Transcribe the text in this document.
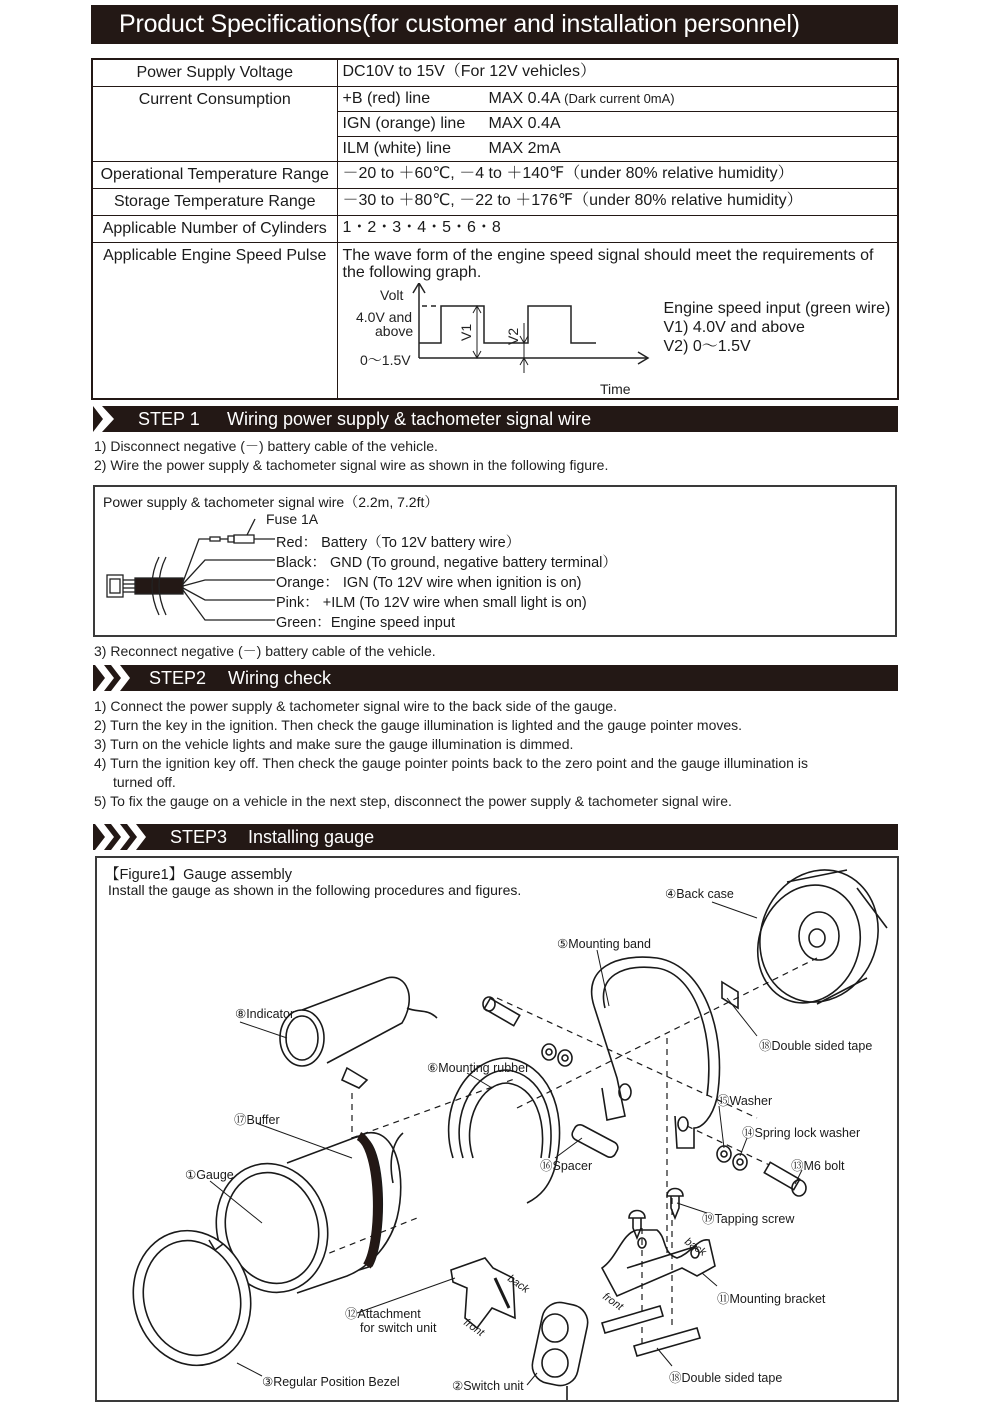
Product Specifications(for customer and installation personnel)
Power Supply Voltage	DC10V to 15V（For 12V vehicles）
Current Consumption	+B (red) line MAX 0.4A (Dark current 0mA)
	IGN (orange) line MAX 0.4A
	ILM (white) line MAX 2mA
Operational Temperature Range	－20 to ＋60℃, －4 to ＋140℉（under 80% relative humidity）
Storage Temperature Range	－30 to ＋80℃, －22 to ＋176℉（under 80% relative humidity）
Applicable Number of Cylinders	1・2・3・4・5・6・8
Applicable Engine Speed Pulse	The wave form of the engine speed signal should meet the requirements of the following graph.
Volt
4.0V and
above
0～1.5V
Time
V1 V2
Engine speed input (green wire)
V1) 4.0V and above
V2) 0～1.5V
STEP 1 Wiring power supply & tachometer signal wire
1) Disconnect negative (－) battery cable of the vehicle.
2) Wire the power supply & tachometer signal wire as shown in the following figure.
Power supply & tachometer signal wire（2.2m, 7.2ft）
Fuse 1A
Red： Battery（To 12V battery wire）
Black： GND (To ground, negative battery terminal）
Orange： IGN (To 12V wire when ignition is on)
Pink： +ILM (To 12V wire when small light is on)
Green：Engine speed input
3) Reconnect negative (－) battery cable of the vehicle.
STEP2 Wiring check
1) Connect the power supply & tachometer signal wire to the back side of the gauge.
2) Turn the key in the ignition. Then check the gauge illumination is lighted and the gauge pointer moves.
3) Turn on the vehicle lights and make sure the gauge illumination is dimmed.
4) Turn the ignition key off. Then check the gauge pointer points back to the zero point and the gauge illumination is
turned off.
5) To fix the gauge on a vehicle in the next step, disconnect the power supply & tachometer signal wire.
STEP3 Installing gauge
【Figure1】Gauge assembly
Install the gauge as shown in the following procedures and figures.
back
front
back
front
④Back case
⑤Mounting band
⑧Indicator
⑱Double sided tape
⑥Mounting rubber
⑮Washer
⑰Buffer
⑭Spring lock washer
⑯Spacer	⑬M6 bolt
①Gauge
⑲Tapping screw
⑪Mounting bracket
⑫Attachment
for switch unit
⑱Double sided tape
③Regular Position Bezel	②Switch unit
